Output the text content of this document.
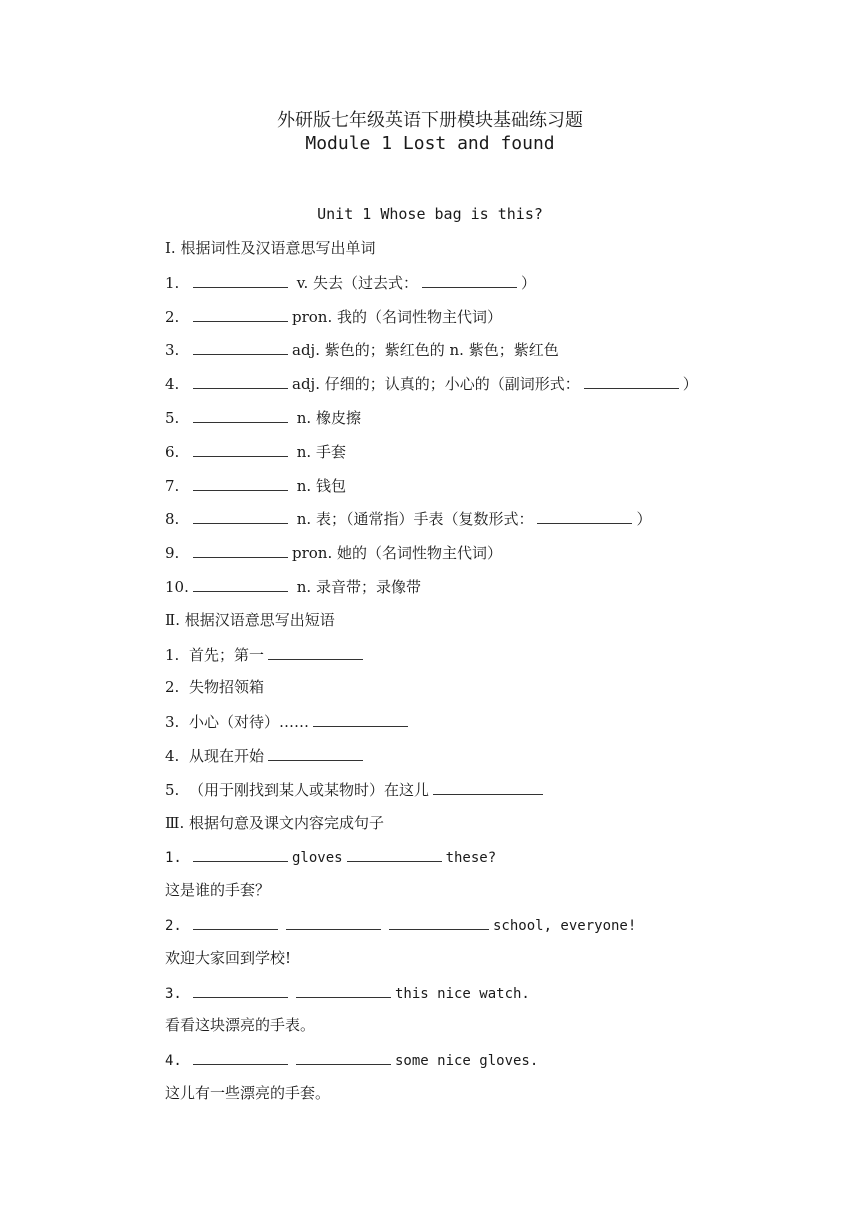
外研版七年级英语下册模块基础练习题
Module 1 Lost and found
Unit 1 Whose bag is this?
Ⅰ. 根据词性及汉语意思写出单词
1.	v. 失去（过去式：	）
2.	pron. 我的（名词性物主代词）
3.	adj. 紫色的；紫红色的 n. 紫色；紫红色
4.	adj. 仔细的；认真的；小心的（副词形式：	）
5.	n. 橡皮擦
6.	n. 手套
7.	n. 钱包
8.	n. 表；（通常指）手表（复数形式：	）
9.	pron. 她的（名词性物主代词）
10.	n. 录音带；录像带
Ⅱ. 根据汉语意思写出短语
1. 首先；第一
2. 失物招领箱
3. 小心（对待）……
4. 从现在开始
5. （用于刚找到某人或某物时）在这儿
Ⅲ. 根据句意及课文内容完成句子
1.	gloves	these?
这是谁的手套？
2.	school, everyone!
欢迎大家回到学校!
3.	this nice watch.
看看这块漂亮的手表。
4.	some nice gloves.
这儿有一些漂亮的手套。
